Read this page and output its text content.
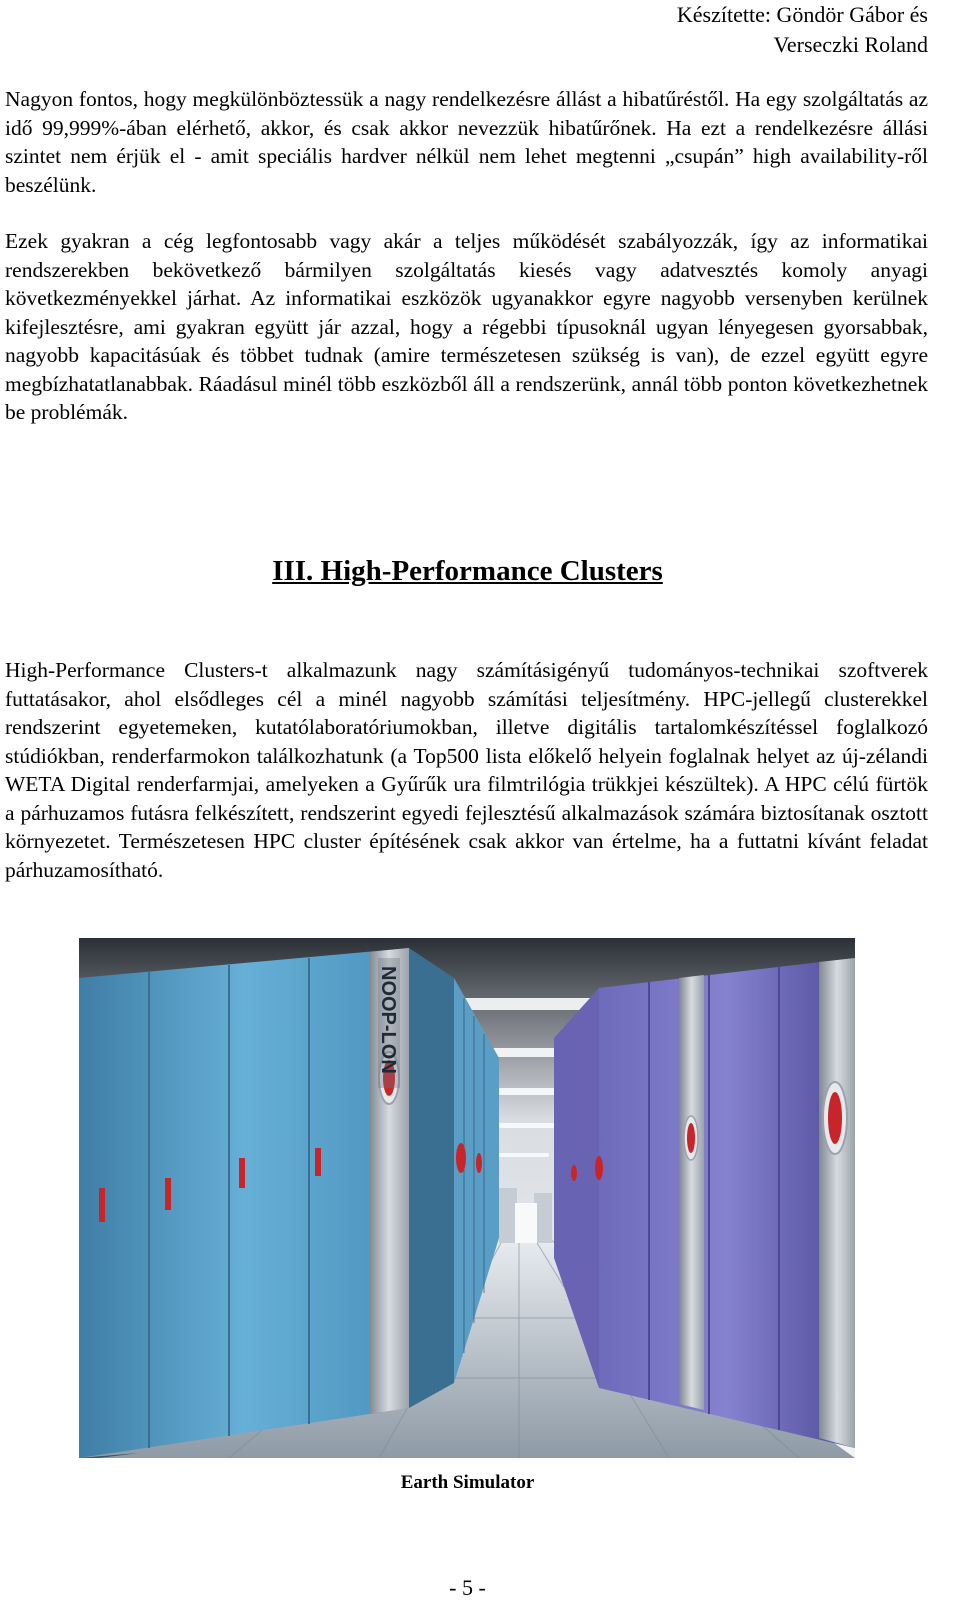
Készítette: Göndör Gábor és
Verseczki Roland

Nagyon fontos, hogy megkülönböztessük a nagy rendelkezésre állást a hibatűréstől. Ha egy szolgáltatás az idő 99,999%-ában elérhető, akkor, és csak akkor nevezzük hibatűrőnek. Ha ezt a rendelkezésre állási szintet nem érjük el - amit speciális hardver nélkül nem lehet megtenni „csupán” high availability-ről beszélünk.

Ezek gyakran a cég legfontosabb vagy akár a teljes működését szabályozzák, így az informatikai rendszerekben bekövetkező bármilyen szolgáltatás kiesés vagy adatvesztés komoly anyagi következményekkel járhat. Az informatikai eszközök ugyanakkor egyre nagyobb versenyben kerülnek kifejlesztésre, ami gyakran együtt jár azzal, hogy a régebbi típusoknál ugyan lényegesen gyorsabbak, nagyobb kapacitásúak és többet tudnak (amire természetesen szükség is van), de ezzel együtt egyre megbízhatatlanabbak. Ráadásul minél több eszközből áll a rendszerünk, annál több ponton következhetnek be problémák.

III. High-Performance Clusters

High-Performance Clusters-t alkalmazunk nagy számításigényű tudományos-technikai szoftverek futtatásakor, ahol elsődleges cél a minél nagyobb számítási teljesítmény. HPC-jellegű clusterekkel rendszerint egyetemeken, kutatólaboratóriumokban, illetve digitális tartalomkészítéssel foglalkozó stúdiókban, renderfarmokon találkozhatunk (a Top500 lista előkelő helyein foglalnak helyet az új-zélandi WETA Digital renderfarmjai, amelyeken a Gyűrűk ura filmtrilógia trükkjei készültek). A HPC célú fürtök a párhuzamos futásra felkészített, rendszerint egyedi fejlesztésű alkalmazások számára biztosítanak osztott környezetet. Természetesen HPC cluster építésének csak akkor van értelme, ha a futtatni kívánt feladat párhuzamosítható.

NOOP-LON
Earth Simulator
- 5 -
